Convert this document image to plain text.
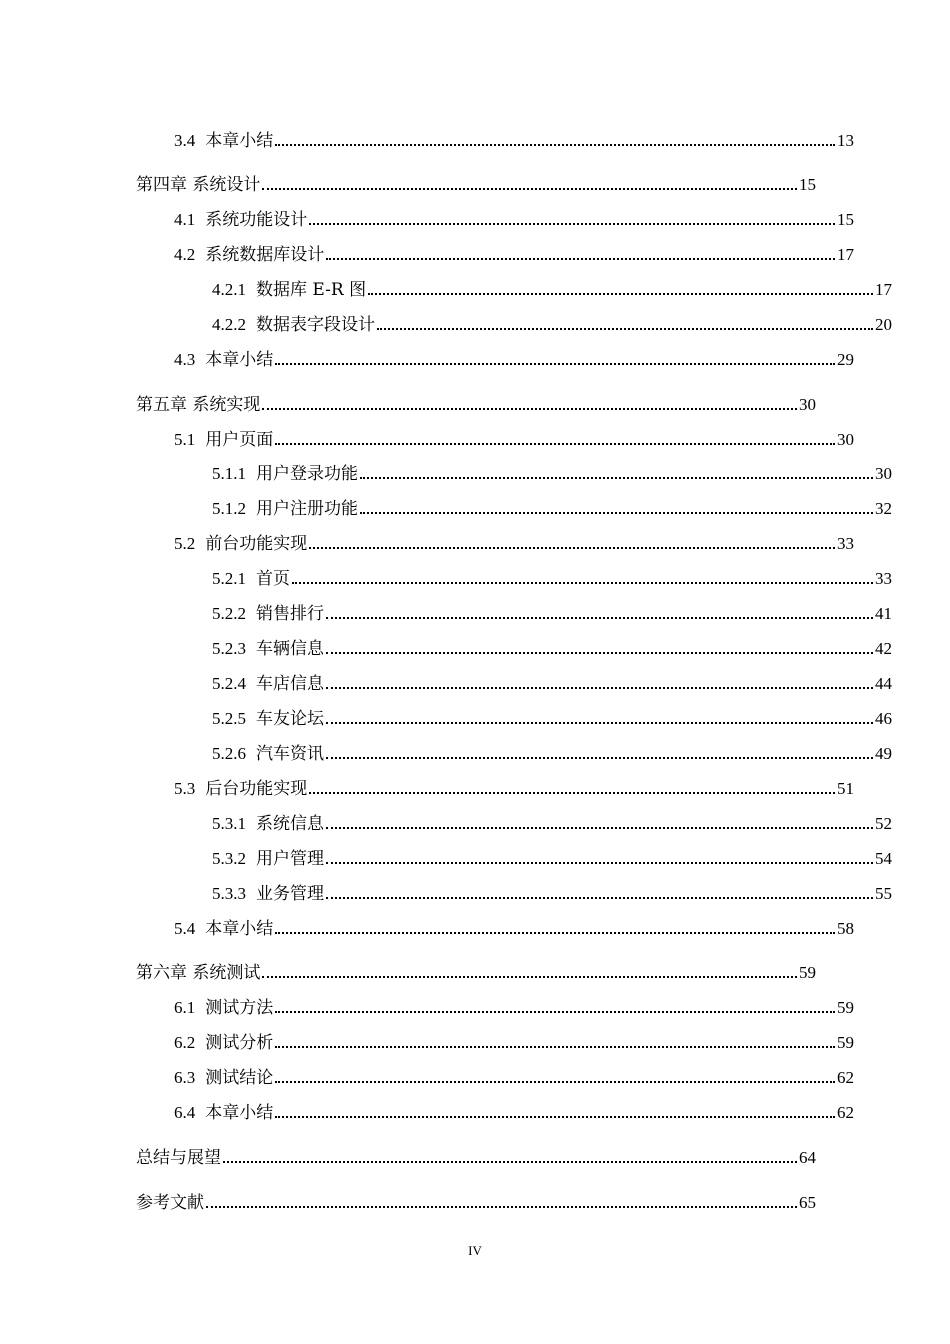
3.4 本章小结	13
第四章 系统设计	15
4.1 系统功能设计	15
4.2 系统数据库设计	17
4.2.1 数据库 E-R 图	17
4.2.2 数据表字段设计	20
4.3 本章小结	29
第五章 系统实现	30
5.1 用户页面	30
5.1.1 用户登录功能	30
5.1.2 用户注册功能	32
5.2 前台功能实现	33
5.2.1 首页	33
5.2.2 销售排行	41
5.2.3 车辆信息	42
5.2.4 车店信息	44
5.2.5 车友论坛	46
5.2.6 汽车资讯	49
5.3 后台功能实现	51
5.3.1 系统信息	52
5.3.2 用户管理	54
5.3.3 业务管理	55
5.4 本章小结	58
第六章 系统测试	59
6.1 测试方法	59
6.2 测试分析	59
6.3 测试结论	62
6.4 本章小结	62
总结与展望	64
参考文献	65
IV
